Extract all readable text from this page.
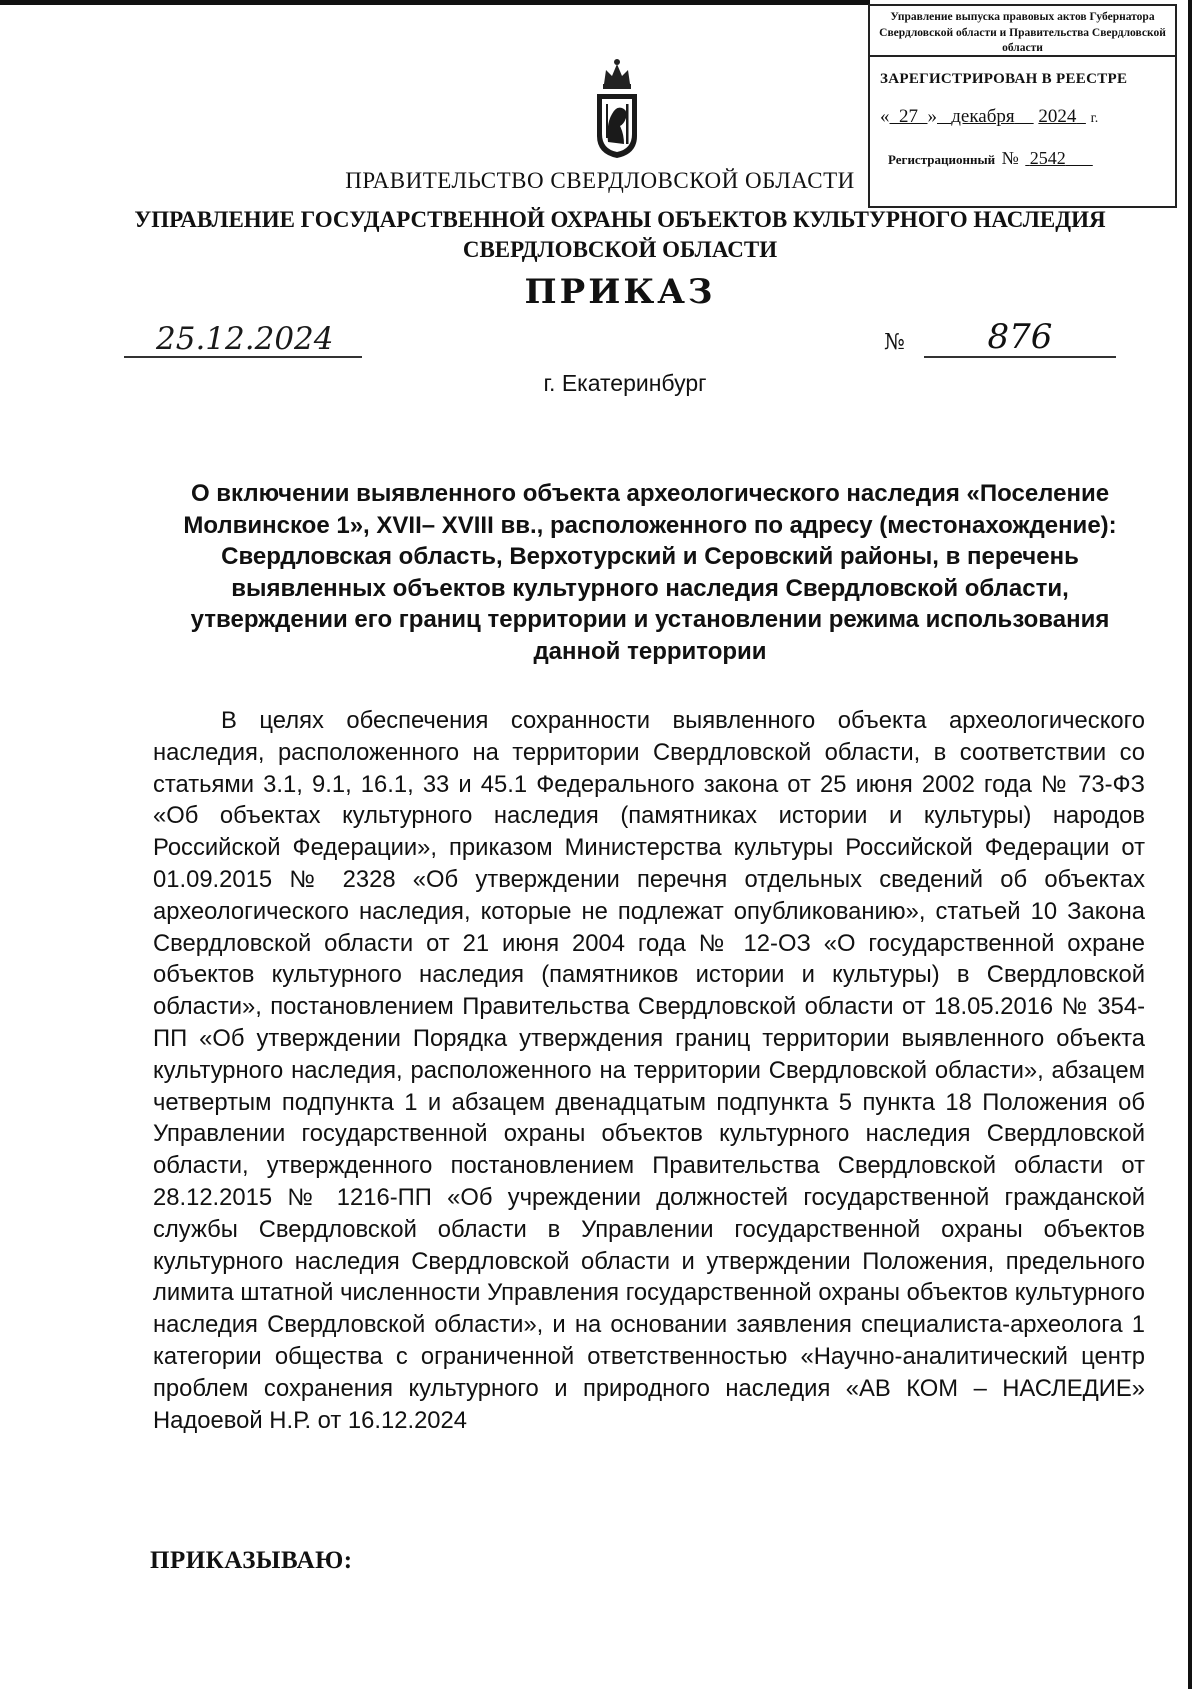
Управление выпуска правовых актов Губернатора Свердловской области и Правительства Свердловской области
ЗАРЕГИСТРИРОВАН В РЕЕСТРЕ
« 27 » декабря 2024 г.
Регистрационный № 2542
ПРАВИТЕЛЬСТВО СВЕРДЛОВСКОЙ ОБЛАСТИ
УПРАВЛЕНИЕ ГОСУДАРСТВЕННОЙ ОХРАНЫ ОБЪЕКТОВ КУЛЬТУРНОГО НАСЛЕДИЯ СВЕРДЛОВСКОЙ ОБЛАСТИ
ПРИКАЗ
25.12.2024	№	876
г. Екатеринбург
О включении выявленного объекта археологического наследия «Поселение Молвинское 1», XVII– XVIII вв., расположенного по адресу (местонахождение): Свердловская область, Верхотурский и Серовский районы, в перечень выявленных объектов культурного наследия Свердловской области, утверждении его границ территории и установлении режима использования данной территории
В целях обеспечения сохранности выявленного объекта археологического наследия, расположенного на территории Свердловской области, в соответствии со статьями 3.1, 9.1, 16.1, 33 и 45.1 Федерального закона от 25 июня 2002 года № 73-ФЗ «Об объектах культурного наследия (памятниках истории и культуры) народов Российской Федерации», приказом Министерства культуры Российской Федерации от 01.09.2015 № 2328 «Об утверждении перечня отдельных сведений об объектах археологического наследия, которые не подлежат опубликованию», статьей 10 Закона Свердловской области от 21 июня 2004 года № 12-ОЗ «О государственной охране объектов культурного наследия (памятников истории и культуры) в Свердловской области», постановлением Правительства Свердловской области от 18.05.2016 № 354-ПП «Об утверждении Порядка утверждения границ территории выявленного объекта культурного наследия, расположенного на территории Свердловской области», абзацем четвертым подпункта 1 и абзацем двенадцатым подпункта 5 пункта 18 Положения об Управлении государственной охраны объектов культурного наследия Свердловской области, утвержденного постановлением Правительства Свердловской области от 28.12.2015 № 1216-ПП «Об учреждении должностей государственной гражданской службы Свердловской области в Управлении государственной охраны объектов культурного наследия Свердловской области и утверждении Положения, предельного лимита штатной численности Управления государственной охраны объектов культурного наследия Свердловской области», и на основании заявления специалиста-археолога 1 категории общества с ограниченной ответственностью «Научно-аналитический центр проблем сохранения культурного и природного наследия «АВ КОМ – НАСЛЕДИЕ» Надоевой Н.Р. от 16.12.2024
ПРИКАЗЫВАЮ:
